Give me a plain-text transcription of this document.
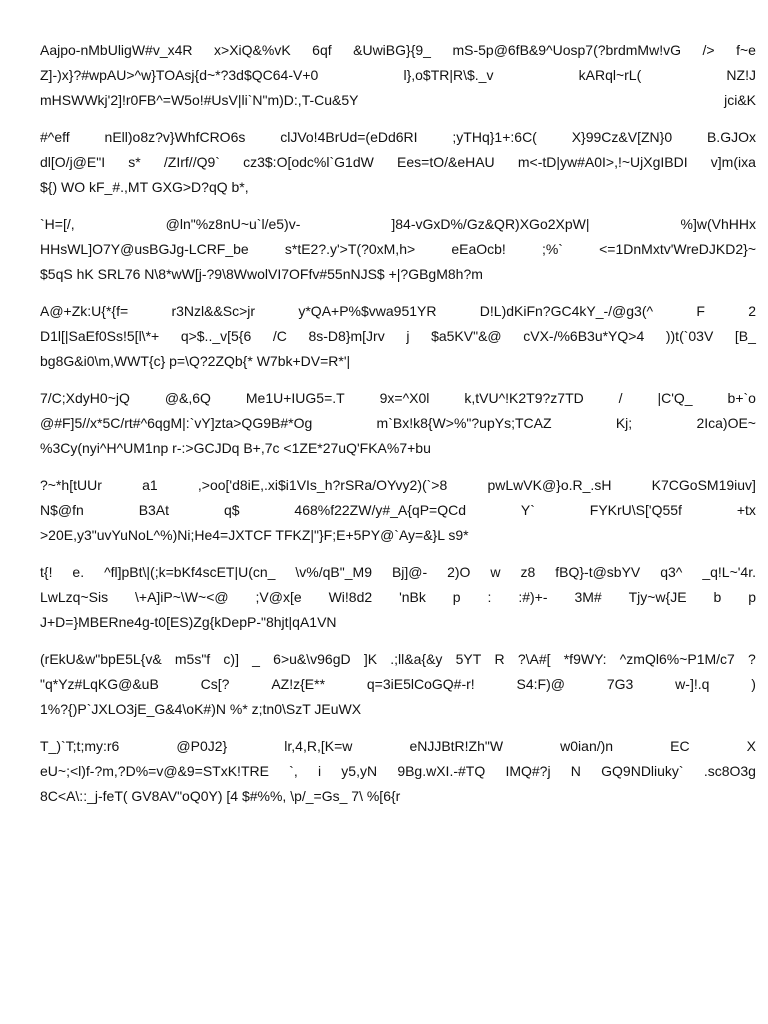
Aajpo-nMbUligW#v_x4R x>XiQ&%vK 6qf &UwiBG}{9_ mS-5p@6fB&9^Uosp7(?brdmMw!vG /> f~e
Z]-)x}?#wpAU>^w}TOAsj{d~*?3d$QC64-V+0	l},o$TR|R\$._v	kARql~rL(	NZ!J
mHSWWkj'2]!r0FB^=W5o!#UsV|li`N"m)D:,T-Cu&5Y	jci&K
#^eff nEll)o8z?v}WhfCRO6s clJVo!4BrUd=(eDd6RI ;yTHq}1+:6C( X}99Cz&V[ZN}0 B.GJOx
dl[O/j@E"I s* /ZIrf//Q9` cz3$:O[odc%l`G1dW Ees=tO/&eHAU m<-tD|yw#A0I>,!~UjXgIBDI v]m(ixa
${) WO kF_#.,MT GXG>D?qQ b*,
`H=[/,	@ln"%z8nU~u`l/e5)v-	]84-vGxD%/Gz&QR)XGo2XpW|	%]w(VhHHx
HHsWL]O7Y@usBGJg-LCRF_be	s*tE2?.y'>T(?0xM,h>	eEaOcb!	;%`	<=1DnMxtv'WreDJKD2}~
$5qS hK SRL76 N\8*wW[j-?9\8WwolVI7OFfv#55nNJS$ +|?GBgM8h?m
A@+Zk:U{*{f=	r3Nzl&&Sc>jr	y*QA+P%$vwa951YR	D!L)dKiFn?GC4kY_-/@g3(^	F	2
D1l[|SaEf0Ss!5[l\*+ q>$.._v[5{6 /C 8s-D8}m[Jrv j $a5KV"&@ cVX-/%6B3u*YQ>4 ))t(`03V [B_
bg8G&i0\m,WWT{c} p=\Q?2ZQb{* W7bk+DV=R*'|
7/C;XdyH0~jQ @&,6Q Me1U+IUG5=.T 9x=^X0l k,tVU^!K2T9?z7TD / |C'Q_ b+`o
@#F]5//x*5C/rt#^6qgM|:`vY]zta>QG9B#*Og	m`Bx!k8{W>%"?upYs;TCAZ	Kj;	2Ica)OE~
%3Cy(nyi^H^UM1np r-:>GCJDq B+,7c <1ZE*27uQ'FKA%7+bu
?~*h[tUUr	a1	,>oo['d8iE,.xi$i1VIs_h?rSRa/OYvy2)(`>8	pwLwVK@}o.R_.sH	K7CGoSM19iuv]
N$@fn	B3At	q$	468%f22ZW/y#_A{qP=QCd	Y`	FYKrU\S['Q55f	+tx
>20E,y3"uvYuNoL^%)Ni;He4=JXTCF TFKZ|"}F;E+5PY@`Ay=&}L s9*
t{! e. ^fl]pBt\|(;k=bKf4scET|U(cn_ \v%/qB"_M9 Bj]@- 2)O w z8 fBQ}-t@sbYV q3^ _q!L~'4r.
LwLzq~Sis \+A]iP~\W~<@ ;V@x[e Wi!8d2 'nBk p : :#)+- 3M# Tjy~w{JE b p
J+D=}MBERne4g-t0[ES)Zg{kDepP-"8hjt|qA1VN
(rEkU&w"bpE5L{v& m5s"f c)] _ 6>u&\v96gD ]K .;ll&a{&y 5YT R ?\A#[ *f9WY: ^zmQl6%~P1M/c7 ?
"q*Yz#LqKG@&uB	Cs[?	AZ!z{E**	q=3iE5lCoGQ#-r!	S4:F)@	7G3	w-]!.q	)
1%?{)P`JXLO3jE_G&4\oK#)N %* z;tn0\SzT JEuWX
T_)`T;t;my:r6	@P0J2}	lr,4,R,[K=w	eNJJBtR!Zh"W	w0ian/)n	EC	X
eU~;<l)f-?m,?D%=v@&9=STxK!TRE `, i y5,yN 9Bg.wXI.-#TQ IMQ#?j N GQ9NDliuky` .sc8O3g
8C<A\::_j-feT( GV8AV"oQ0Y) [4 $#%%, \p/_=Gs_ 7\ %[6{r
